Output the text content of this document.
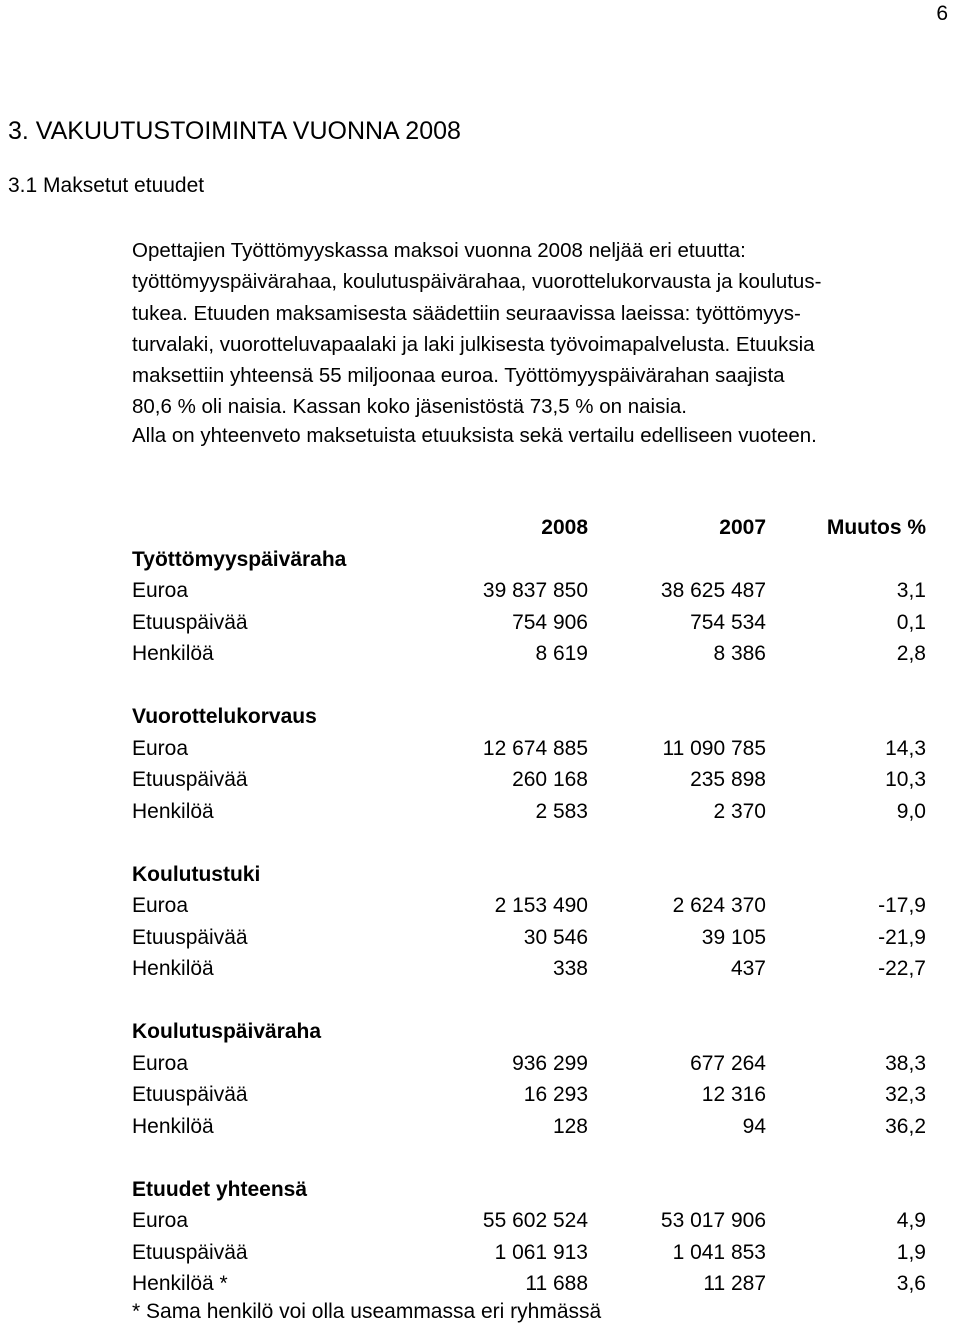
6
3. VAKUUTUSTOIMINTA VUONNA 2008
3.1 Maksetut etuudet
Opettajien Työttömyyskassa maksoi vuonna 2008 neljää eri etuutta:
työttömyyspäivärahaa, koulutuspäivärahaa, vuorottelukorvausta ja koulutus-
tukea. Etuuden maksamisesta säädettiin seuraavissa laeissa: työttömyys-
turvalaki, vuorotteluvapaalaki ja laki julkisesta työvoimapalvelusta. Etuuksia
maksettiin yhteensä 55 miljoonaa euroa. Työttömyyspäivärahan saajista
80,6 % oli naisia. Kassan koko jäsenistöstä 73,5 % on naisia.
Alla on yhteenveto maksetuista etuuksista sekä vertailu edelliseen vuoteen.
2008	2007	Muutos %
Työttömyyspäiväraha
Euroa	39 837 850	38 625 487	3,1
Etuuspäivää	754 906	754 534	0,1
Henkilöä	8 619	8 386	2,8
Vuorottelukorvaus
Euroa	12 674 885	11 090 785	14,3
Etuuspäivää	260 168	235 898	10,3
Henkilöä	2 583	2 370	9,0
Koulutustuki
Euroa	2 153 490	2 624 370	-17,9
Etuuspäivää	30 546	39 105	-21,9
Henkilöä	338	437	-22,7
Koulutuspäiväraha
Euroa	936 299	677 264	38,3
Etuuspäivää	16 293	12 316	32,3
Henkilöä	128	94	36,2
Etuudet yhteensä
Euroa	55 602 524	53 017 906	4,9
Etuuspäivää	1 061 913	1 041 853	1,9
Henkilöä *	11 688	11 287	3,6
* Sama henkilö voi olla useammassa eri ryhmässä
